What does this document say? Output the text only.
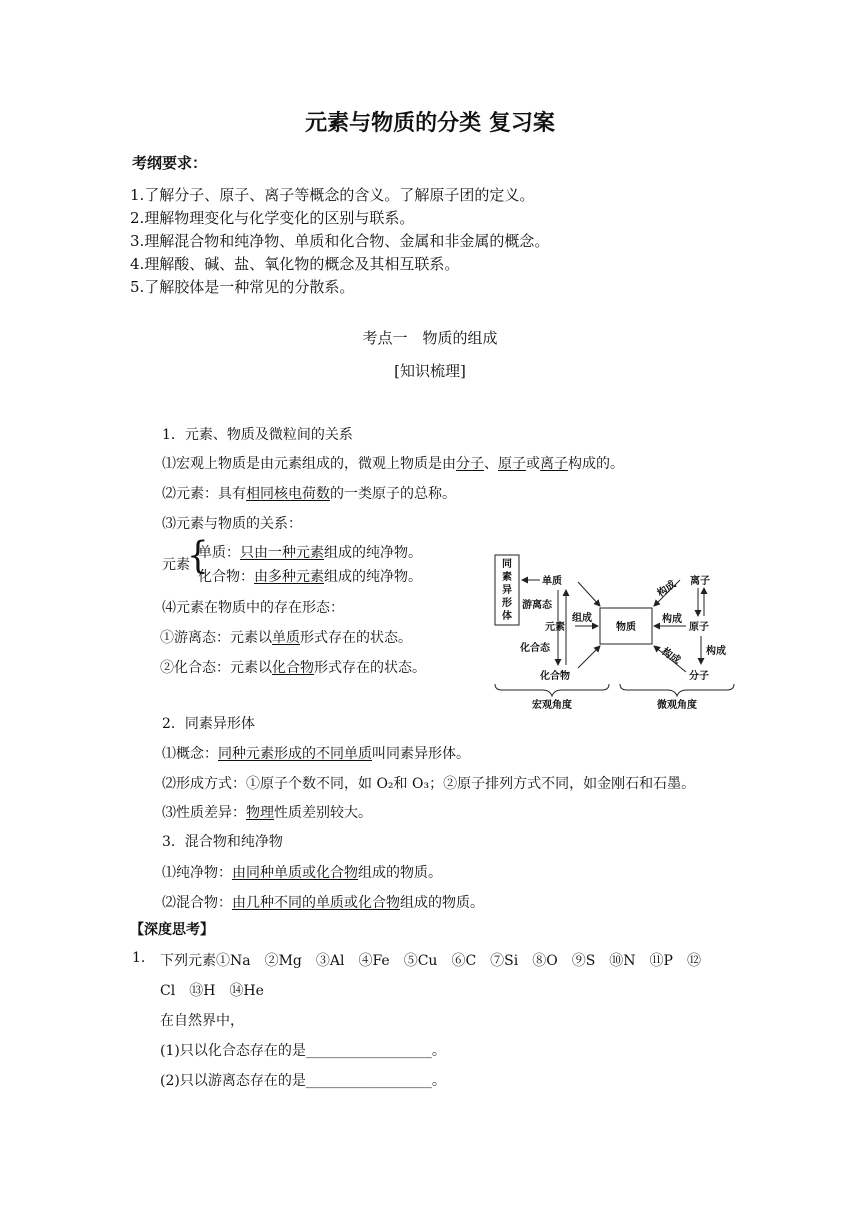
元素与物质的分类 复习案
考纲要求：
1.了解分子、原子、离子等概念的含义。了解原子团的定义。
2.理解物理变化与化学变化的区别与联系。
3.理解混合物和纯净物、单质和化合物、金属和非金属的概念。
4.理解酸、碱、盐、氧化物的概念及其相互联系。
5.了解胶体是一种常见的分散系。
考点一　物质的组成
[知识梳理]
1．元素、物质及微粒间的关系
⑴宏观上物质是由元素组成的，微观上物质是由分子、原子或离子构成的。
⑵元素：具有相同核电荷数的一类原子的总称。
⑶元素与物质的关系：
元素
{
单质：只由一种元素组成的纯净物。
化合物：由多种元素组成的纯净物。
⑷元素在物质中的存在形态：
①游离态：元素以单质形式存在的状态。
②化合态：元素以化合物形式存在的状态。
同
素
异
形
体
单质
游离态
元素
组成
化合态
化合物
物质
构成 离子
构成
原子
构成
构成
分子
宏观角度	微观角度
2．同素异形体
⑴概念：同种元素形成的不同单质叫同素异形体。
⑵形成方式：①原子个数不同，如 O₂和 O₃；②原子排列方式不同，如金刚石和石墨。
⑶性质差异：物理性质差别较大。
3．混合物和纯净物
⑴纯净物：由同种单质或化合物组成的物质。
⑵混合物：由几种不同的单质或化合物组成的物质。
【深度思考】
1. 下列元素①Na　②Mg　③Al　④Fe　⑤Cu　⑥C　⑦Si　⑧O　⑨S　⑩N　⑪P　⑫
Cl　⑬H　⑭He
在自然界中，
(1)只以化合态存在的是__________________。
(2)只以游离态存在的是__________________。
